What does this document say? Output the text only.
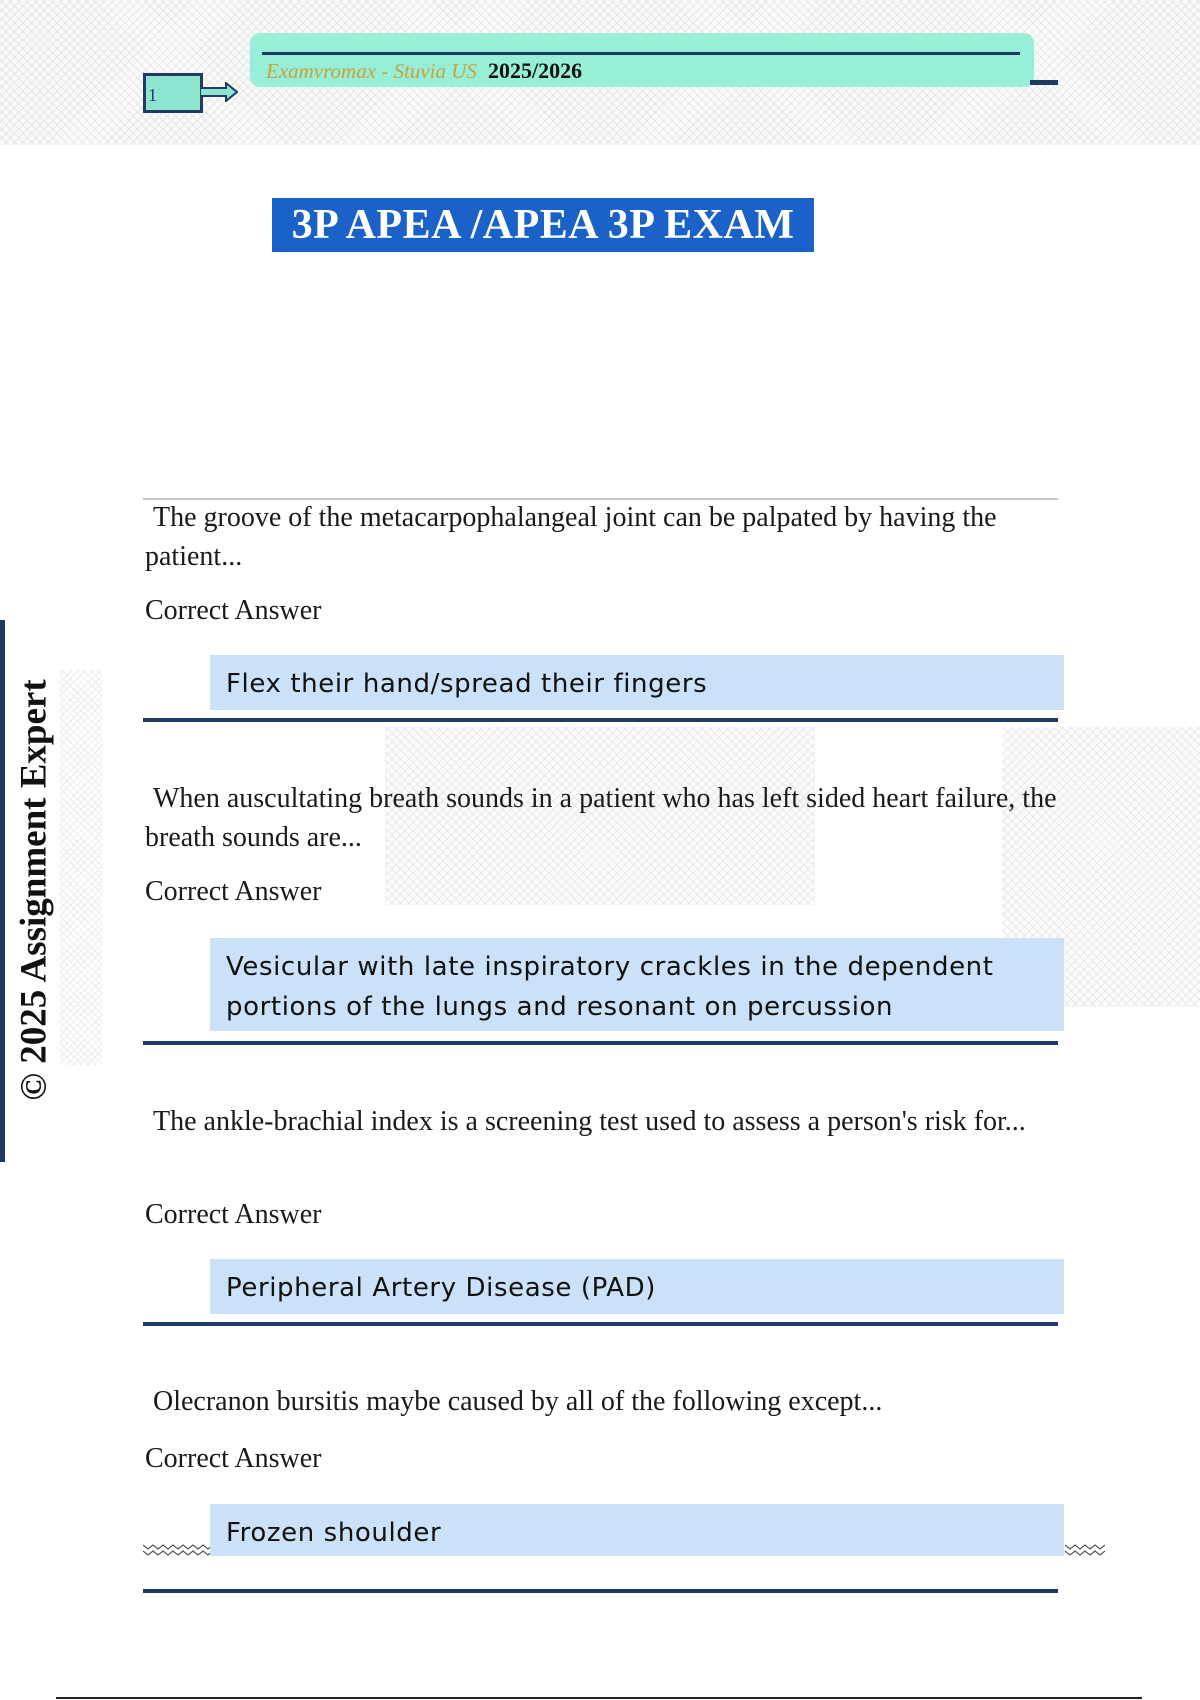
Examvromax - Stuvia US 2025/2026
1
3P APEA /APEA 3P EXAM
© 2025 Assignment Expert
The groove of the metacarpophalangeal joint can be palpated by having the patient...
Correct Answer
Flex their hand/spread their fingers
When auscultating breath sounds in a patient who has left sided heart failure, the breath sounds are...
Correct Answer
Vesicular with late inspiratory crackles in the dependent portions of the lungs and resonant on percussion
The ankle-brachial index is a screening test used to assess a person's risk for...
Correct Answer
Peripheral Artery Disease (PAD)
Olecranon bursitis maybe caused by all of the following except...
Correct Answer
Frozen shoulder
